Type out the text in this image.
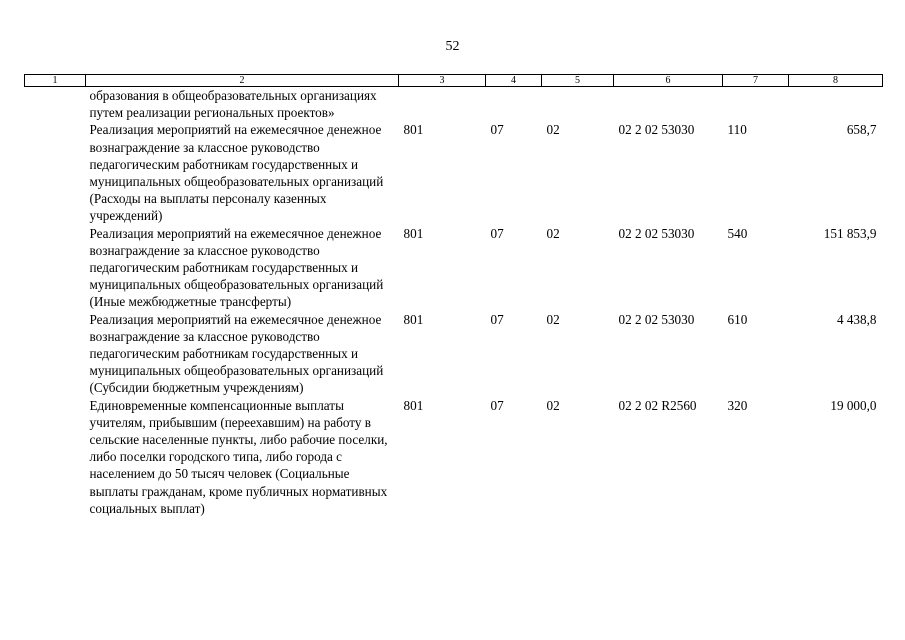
52
1	2	3	4	5	6	7	8
	образования в общеобразовательных организациях путем реализации региональных проектов»						
	Реализация мероприятий на ежемесячное денежное вознаграждение за классное руководство педагогическим работникам государственных и муниципальных общеобразовательных организаций (Расходы на выплаты персоналу казенных учреждений)	801	07	02	02 2 02 53030	110	658,7
	Реализация мероприятий на ежемесячное денежное вознаграждение за классное руководство педагогическим работникам государственных и муниципальных общеобразовательных организаций (Иные межбюджетные трансферты)	801	07	02	02 2 02 53030	540	151 853,9
	Реализация мероприятий на ежемесячное денежное вознаграждение за классное руководство педагогическим работникам государственных и муниципальных общеобразовательных организаций (Субсидии бюджетным учреждениям)	801	07	02	02 2 02 53030	610	4 438,8
	Единовременные компенсационные выплаты учителям, прибывшим (переехавшим) на работу в сельские населенные пункты, либо рабочие поселки, либо поселки городского типа, либо города с населением до 50 тысяч человек (Социальные выплаты гражданам, кроме публичных нормативных социальных выплат)	801	07	02	02 2 02 R2560	320	19 000,0
